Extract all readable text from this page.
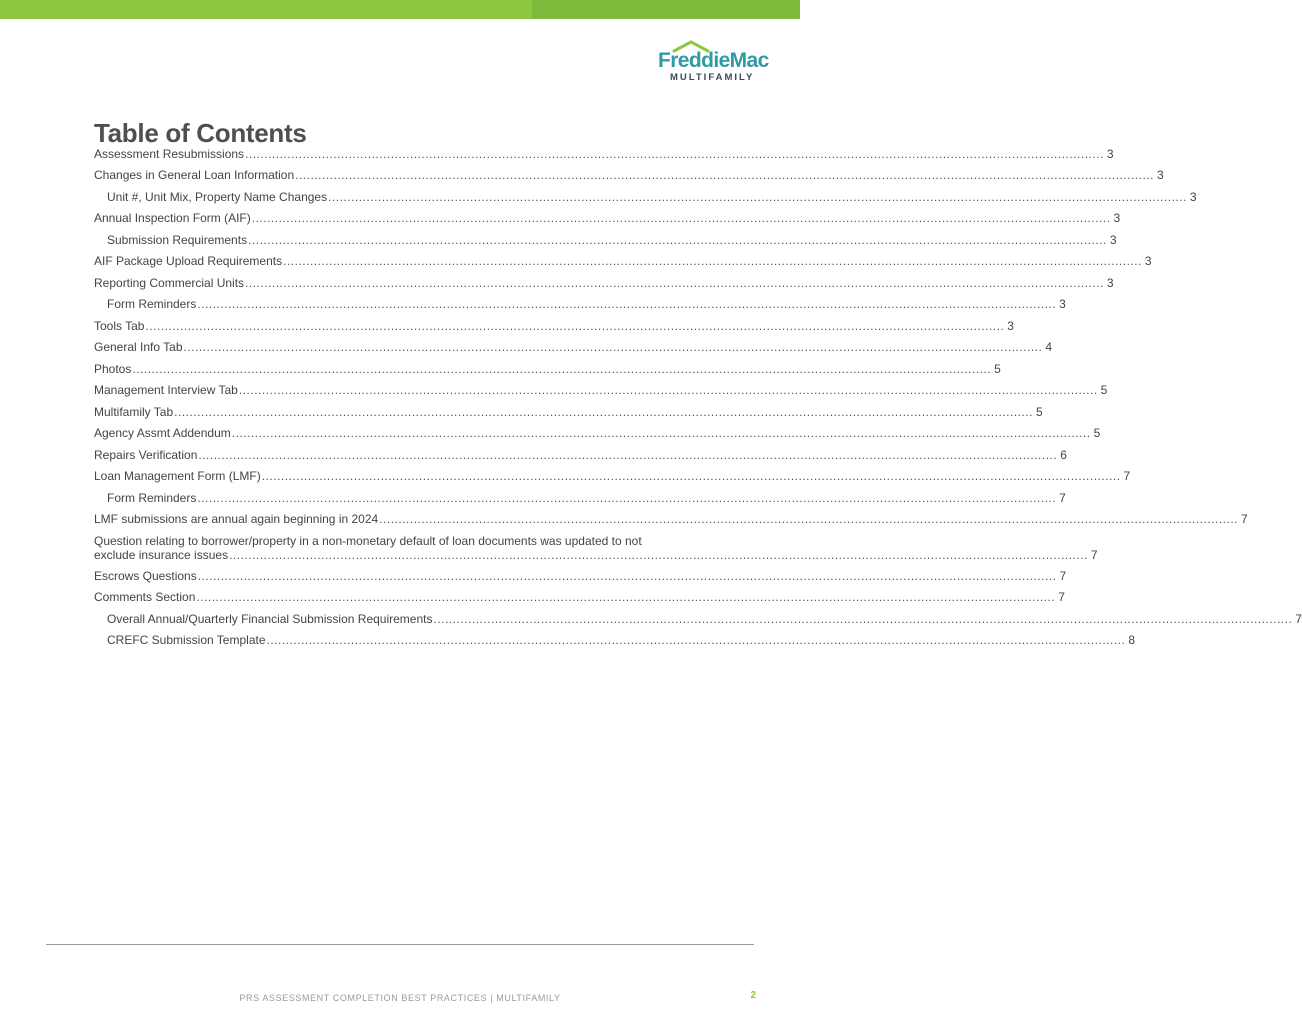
FreddieMac
MULTIFAMILY
Table of Contents
Assessment Resubmissions .....	3
Changes in General Loan Information .....	3
Unit #, Unit Mix, Property Name Changes .....	3
Annual Inspection Form (AIF) .....	3
Submission Requirements .....	3
AIF Package Upload Requirements .....	3
Reporting Commercial Units .....	3
Form Reminders .....	3
Tools Tab .....	3
General Info Tab .....	4
Photos .....	5
Management Interview Tab .....	5
Multifamily Tab .....	5
Agency Assmt Addendum .....	5
Repairs Verification .....	6
Loan Management Form (LMF) .....	7
Form Reminders .....	7
LMF submissions are annual again beginning in 2024 .....	7
Question relating to borrower/property in a non-monetary default of loan documents was updated to not
exclude insurance issues ................................................................................................................................................................................................................................ 7
Escrows Questions .....	7
Comments Section .....	7
Overall Annual/Quarterly Financial Submission Requirements .....	7
CREFC Submission Template .....	8
PRS ASSESSMENT COMPLETION BEST PRACTICES | MULTIFAMILY	2
